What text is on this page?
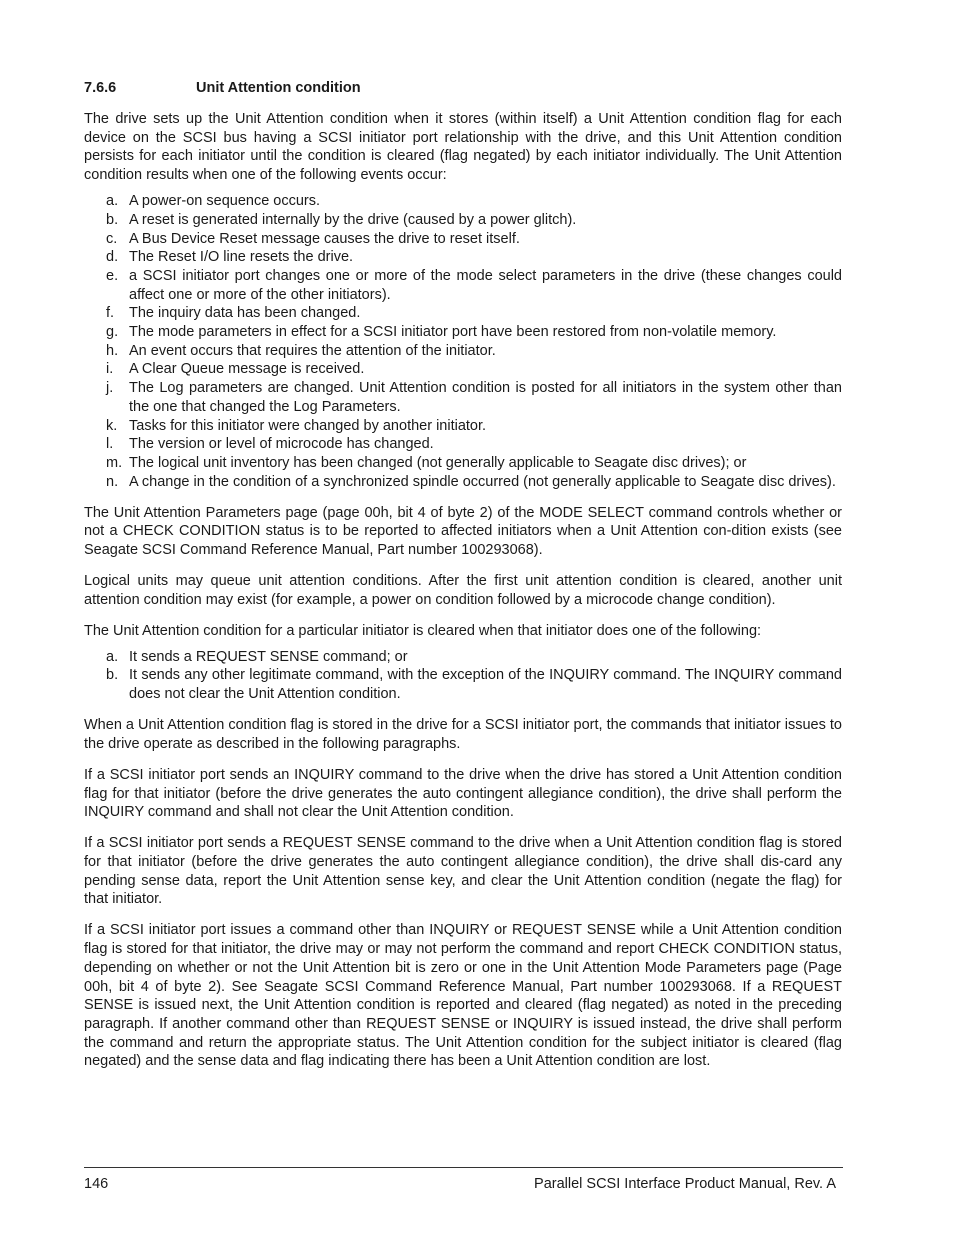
7.6.6	Unit Attention condition

The drive sets up the Unit Attention condition when it stores (within itself) a Unit Attention condition flag for each device on the SCSI bus having a SCSI initiator port relationship with the drive, and this Unit Attention condition persists for each initiator until the condition is cleared (flag negated) by each initiator individually. The Unit Attention condition results when one of the following events occur:

a. A power-on sequence occurs.
b. A reset is generated internally by the drive (caused by a power glitch).
c. A Bus Device Reset message causes the drive to reset itself.
d. The Reset I/O line resets the drive.
e. a SCSI initiator port changes one or more of the mode select parameters in the drive (these changes could affect one or more of the other initiators).
f. The inquiry data has been changed.
g. The mode parameters in effect for a SCSI initiator port have been restored from non-volatile memory.
h. An event occurs that requires the attention of the initiator.
i. A Clear Queue message is received.
j. The Log parameters are changed. Unit Attention condition is posted for all initiators in the system other than the one that changed the Log Parameters.
k. Tasks for this initiator were changed by another initiator.
l. The version or level of microcode has changed.
m. The logical unit inventory has been changed (not generally applicable to Seagate disc drives); or
n. A change in the condition of a synchronized spindle occurred (not generally applicable to Seagate disc drives).

The Unit Attention Parameters page (page 00h, bit 4 of byte 2) of the MODE SELECT command controls whether or not a CHECK CONDITION status is to be reported to affected initiators when a Unit Attention con-dition exists (see Seagate SCSI Command Reference Manual, Part number 100293068).

Logical units may queue unit attention conditions. After the first unit attention condition is cleared, another unit attention condition may exist (for example, a power on condition followed by a microcode change condition).

The Unit Attention condition for a particular initiator is cleared when that initiator does one of the following:

a. It sends a REQUEST SENSE command; or
b. It sends any other legitimate command, with the exception of the INQUIRY command. The INQUIRY command does not clear the Unit Attention condition.

When a Unit Attention condition flag is stored in the drive for a SCSI initiator port, the commands that initiator issues to the drive operate as described in the following paragraphs.

If a SCSI initiator port sends an INQUIRY command to the drive when the drive has stored a Unit Attention condition flag for that initiator (before the drive generates the auto contingent allegiance condition), the drive shall perform the INQUIRY command and shall not clear the Unit Attention condition.

If a SCSI initiator port sends a REQUEST SENSE command to the drive when a Unit Attention condition flag is stored for that initiator (before the drive generates the auto contingent allegiance condition), the drive shall dis-card any pending sense data, report the Unit Attention sense key, and clear the Unit Attention condition (negate the flag) for that initiator.

If a SCSI initiator port issues a command other than INQUIRY or REQUEST SENSE while a Unit Attention condition flag is stored for that initiator, the drive may or may not perform the command and report CHECK CONDITION status, depending on whether or not the Unit Attention bit is zero or one in the Unit Attention Mode Parameters page (Page 00h, bit 4 of byte 2). See Seagate SCSI Command Reference Manual, Part number 100293068. If a REQUEST SENSE is issued next, the Unit Attention condition is reported and cleared (flag negated) as noted in the preceding paragraph. If another command other than REQUEST SENSE or INQUIRY is issued instead, the drive shall perform the command and return the appropriate status. The Unit Attention condition for the subject initiator is cleared (flag negated) and the sense data and flag indicating there has been a Unit Attention condition are lost.

146	Parallel SCSI Interface Product Manual, Rev. A
